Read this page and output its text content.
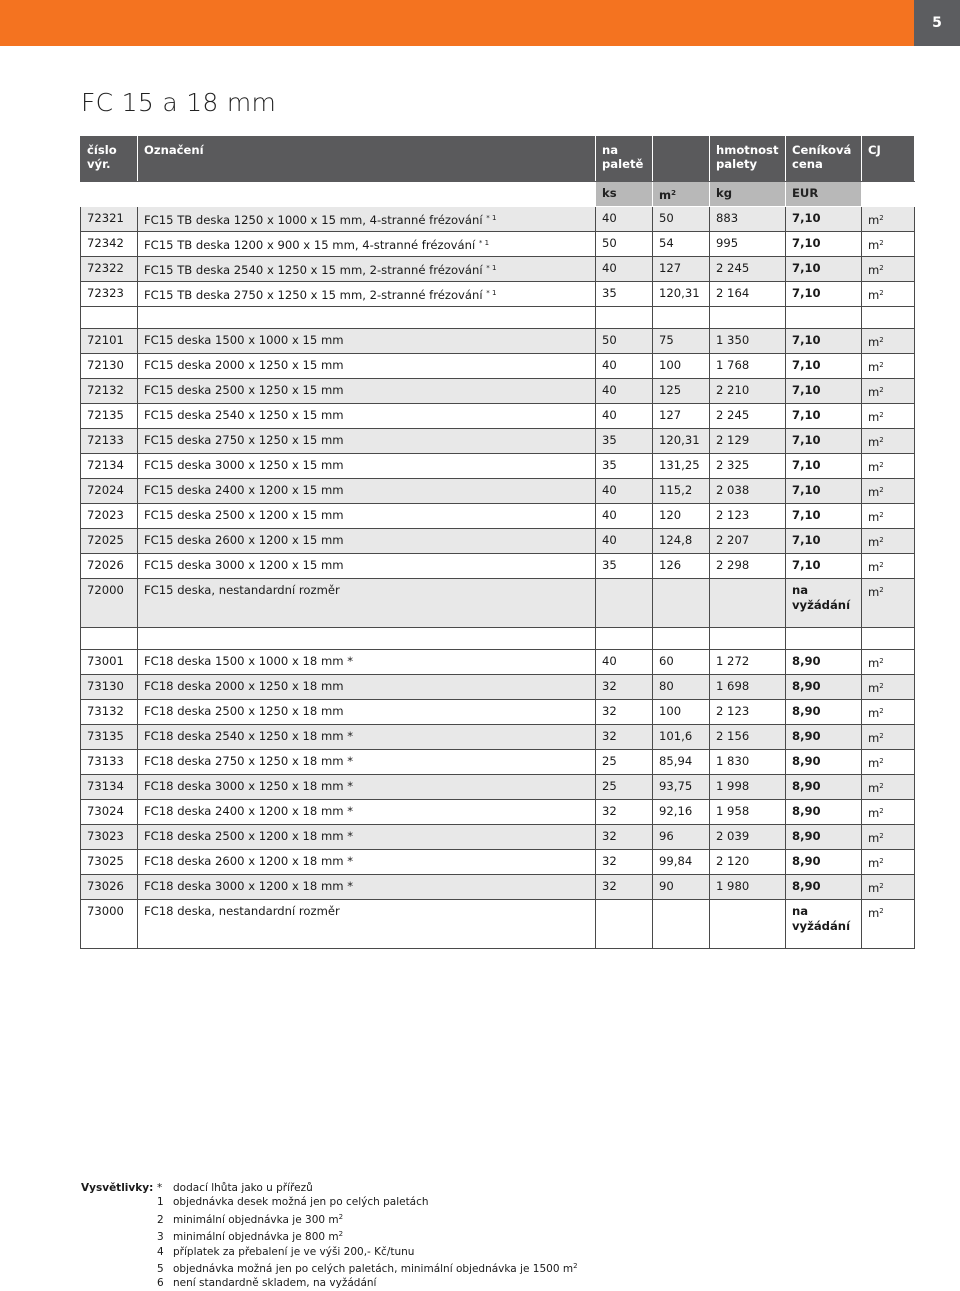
5
FC 15 a 18 mm
číslo výr.	Označení	na paletě		hmotnost palety	Ceníková cena	CJ
		ks	$m^2$	kg	EUR	
72321	FC15 TB deska 1250 x 1000 x 15 mm, 4-stranné frézování $^{* 1}$	40	50	883	7,10	$m^2$
72342	FC15 TB deska 1200 x 900 x 15 mm, 4-stranné frézování $^{* 1}$	50	54	995	7,10	$m^2$
72322	FC15 TB deska 2540 x 1250 x 15 mm, 2-stranné frézování $^{* 1}$	40	127	2 245	7,10	$m^2$
72323	FC15 TB deska 2750 x 1250 x 15 mm, 2-stranné frézování $^{* 1}$	35	120,31	2 164	7,10	$m^2$

72101	FC15 deska 1500 x 1000 x 15 mm	50	75	1 350	7,10	$m^2$
72130	FC15 deska 2000 x 1250 x 15 mm	40	100	1 768	7,10	$m^2$
72132	FC15 deska 2500 x 1250 x 15 mm	40	125	2 210	7,10	$m^2$
72135	FC15 deska 2540 x 1250 x 15 mm	40	127	2 245	7,10	$m^2$
72133	FC15 deska 2750 x 1250 x 15 mm	35	120,31	2 129	7,10	$m^2$
72134	FC15 deska 3000 x 1250 x 15 mm	35	131,25	2 325	7,10	$m^2$
72024	FC15 deska 2400 x 1200 x 15 mm	40	115,2	2 038	7,10	$m^2$
72023	FC15 deska 2500 x 1200 x 15 mm	40	120	2 123	7,10	$m^2$
72025	FC15 deska 2600 x 1200 x 15 mm	40	124,8	2 207	7,10	$m^2$
72026	FC15 deska 3000 x 1200 x 15 mm	35	126	2 298	7,10	$m^2$
72000	FC15 deska, nestandardní rozměr				na vyžádání	$m^2$

73001	FC18 deska 1500 x 1000 x 18 mm *	40	60	1 272	8,90	$m^2$
73130	FC18 deska 2000 x 1250 x 18 mm	32	80	1 698	8,90	$m^2$
73132	FC18 deska 2500 x 1250 x 18 mm	32	100	2 123	8,90	$m^2$
73135	FC18 deska 2540 x 1250 x 18 mm *	32	101,6	2 156	8,90	$m^2$
73133	FC18 deska 2750 x 1250 x 18 mm *	25	85,94	1 830	8,90	$m^2$
73134	FC18 deska 3000 x 1250 x 18 mm *	25	93,75	1 998	8,90	$m^2$
73024	FC18 deska 2400 x 1200 x 18 mm *	32	92,16	1 958	8,90	$m^2$
73023	FC18 deska 2500 x 1200 x 18 mm *	32	96	2 039	8,90	$m^2$
73025	FC18 deska 2600 x 1200 x 18 mm *	32	99,84	2 120	8,90	$m^2$
73026	FC18 deska 3000 x 1200 x 18 mm *	32	90	1 980	8,90	$m^2$
73000	FC18 deska, nestandardní rozměr				na vyžádání	$m^2$
Vysvětlivky: * dodací lhůta jako u přířezů
1 objednávka desek možná jen po celých paletách
2 minimální objednávka je 300 $m^2$
3 minimální objednávka je 800 $m^2$
4 příplatek za přebalení je ve výši 200,- Kč/tunu
5 objednávka možná jen po celých paletách, minimální objednávka je 1500 $m^2$
6 není standardně skladem, na vyžádání
